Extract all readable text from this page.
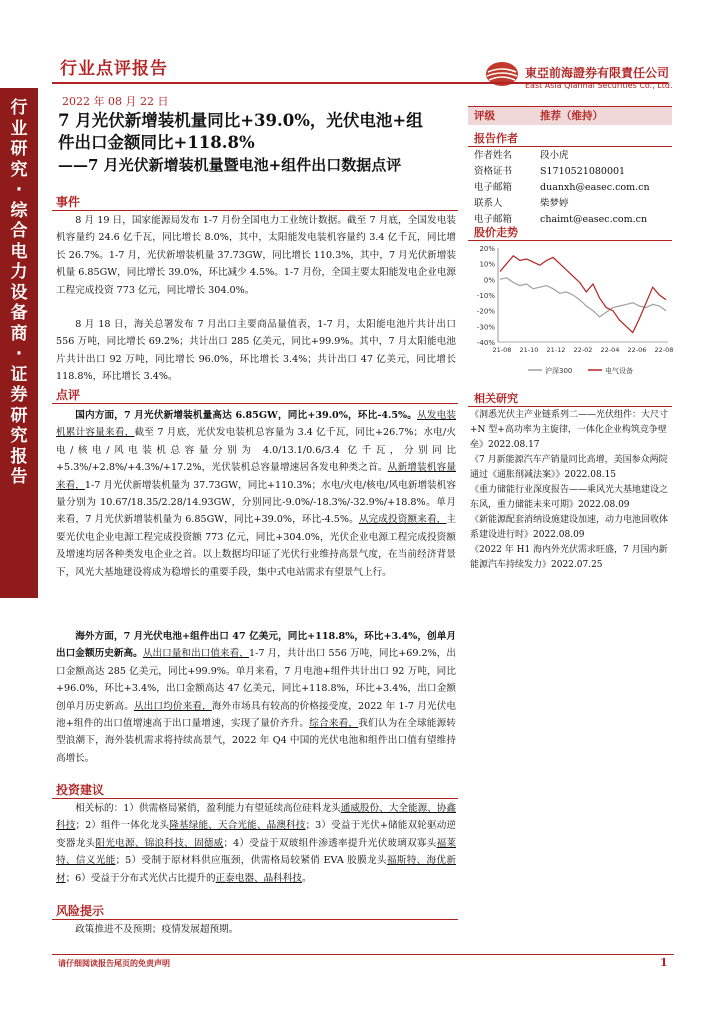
行业研究·综合电力设备商·证券研究报告
行业点评报告	東亞前海證券有限責任公司
East Asia Qianhai Securities Co., Ltd.
2022 年 08 月 22 日
7 月光伏新增装机量同比+39.0%，光伏电池+组
件出口金额同比+118.8%
——7 月光伏新增装机量暨电池+组件出口数据点评
事件
8 月 19 日，国家能源局发布 1-7 月份全国电力工业统计数据。截至 7 月底，全国发电装机容量约 24.6 亿千瓦，同比增长 8.0%，其中，太阳能发电装机容量约 3.4 亿千瓦，同比增长 26.7%。1-7 月，光伏新增装机量 37.73GW，同比增长 110.3%，其中，7 月光伏新增装机量 6.85GW，同比增长 39.0%，环比减少 4.5%。1-7 月份，全国主要太阳能发电企业电源工程完成投资 773 亿元，同比增长 304.0%。
8 月 18 日，海关总署发布 7 月出口主要商品量值表，1-7 月，太阳能电池片共计出口 556 万吨，同比增长 69.2%；共计出口 285 亿美元，同比+99.9%。其中，7 月太阳能电池片共计出口 92 万吨，同比增长 96.0%，环比增长 3.4%；共计出口 47 亿美元，同比增长 118.8%，环比增长 3.4%。
点评
国内方面，7 月光伏新增装机量高达 6.85GW，同比+39.0%，环比-4.5%。从发电装机累计容量来看，截至 7 月底，光伏发电装机总容量为 3.4 亿千瓦，同比+26.7%；水电/火电/核电/风电装机总容量分别为 4.0/13.1/0.6/3.4 亿千瓦，分别同比+5.3%/+2.8%/+4.3%/+17.2%，光伏装机总容量增速居各发电种类之首。从新增装机容量来看，1-7 月光伏新增装机量为 37.73GW，同比+110.3%；水电/火电/核电/风电新增装机容量分别为 10.67/18.35/2.28/14.93GW，分别同比-9.0%/-18.3%/-32.9%/+18.8%。单月来看，7 月光伏新增装机量为 6.85GW，同比+39.0%，环比-4.5%。从完成投资额来看，主要光伏电企业电源工程完成投资额 773 亿元，同比+304.0%，光伏企业电源工程完成投资额及增速均居各种类发电企业之首。以上数据均印证了光伏行业维持高景气度，在当前经济背景下，风光大基地建设将成为稳增长的重要手段，集中式电站需求有望景气上行。
海外方面，7 月光伏电池+组件出口 47 亿美元，同比+118.8%，环比+3.4%，创单月出口金额历史新高。从出口量和出口值来看，1-7 月，共计出口 556 万吨，同比+69.2%，出口金额高达 285 亿美元，同比+99.9%。单月来看，7 月电池+组件共计出口 92 万吨，同比+96.0%，环比+3.4%，出口金额高达 47 亿美元，同比+118.8%，环比+3.4%，出口金额创单月历史新高。从出口均价来看，海外市场具有较高的价格接受度，2022 年 1-7 月光伏电池+组件的出口值增速高于出口量增速，实现了量价齐升。综合来看，我们认为在全球能源转型浪潮下，海外装机需求将持续高景气，2022 年 Q4 中国的光伏电池和组件出口值有望维持高增长。
投资建议
相关标的：1）供需格局紧俏，盈利能力有望延续高位硅料龙头通威股份、大全能源、协鑫科技；2）组件一体化龙头隆基绿能、天合光能、晶澳科技；3）受益于光伏+储能双轮驱动逆变器龙头阳光电源、锦浪科技、固德威；4）受益于双玻组件渗透率提升光伏玻璃双寡头福莱特、信义光能；5）受制于原材料供应瓶颈，供需格局较紧俏 EVA 胶膜龙头福斯特、海优新材；6）受益于分布式光伏占比提升的正泰电器、晶科科技。
风险提示
政策推进不及预期；疫情发展超预期。
评级	推荐（维持）
报告作者
作者姓名	段小虎
资格证书	S1710521080001
电子邮箱	duanxh@easec.com.cn
联系人	柴梦婷
电子邮箱	chaimt@easec.com.cn
股价走势
20%
10%
0%
-10%
-20%
-30%
-40%
21-08 21-10 21-12 22-02 22-04 22-06 22-08
沪深300	电气设备
相关研究
《洞悉光伏主产业链系列二——光伏组件：大尺寸+N 型+高功率为主旋律，一体化企业构筑竞争壁垒》2022.08.17
《7 月新能源汽车产销量同比高增，美国参众两院通过《通胀削减法案》》2022.08.15
《重力储能行业深度报告——乘风光大基地建设之东风，重力储能未来可期》2022.08.09
《新能源配套消纳设施建设加速，动力电池回收体系建设进行时》2022.08.09
《2022 年 H1 海内外光伏需求旺盛，7 月国内新能源汽车持续发力》2022.07.25
请仔细阅读报告尾页的免责声明	1
